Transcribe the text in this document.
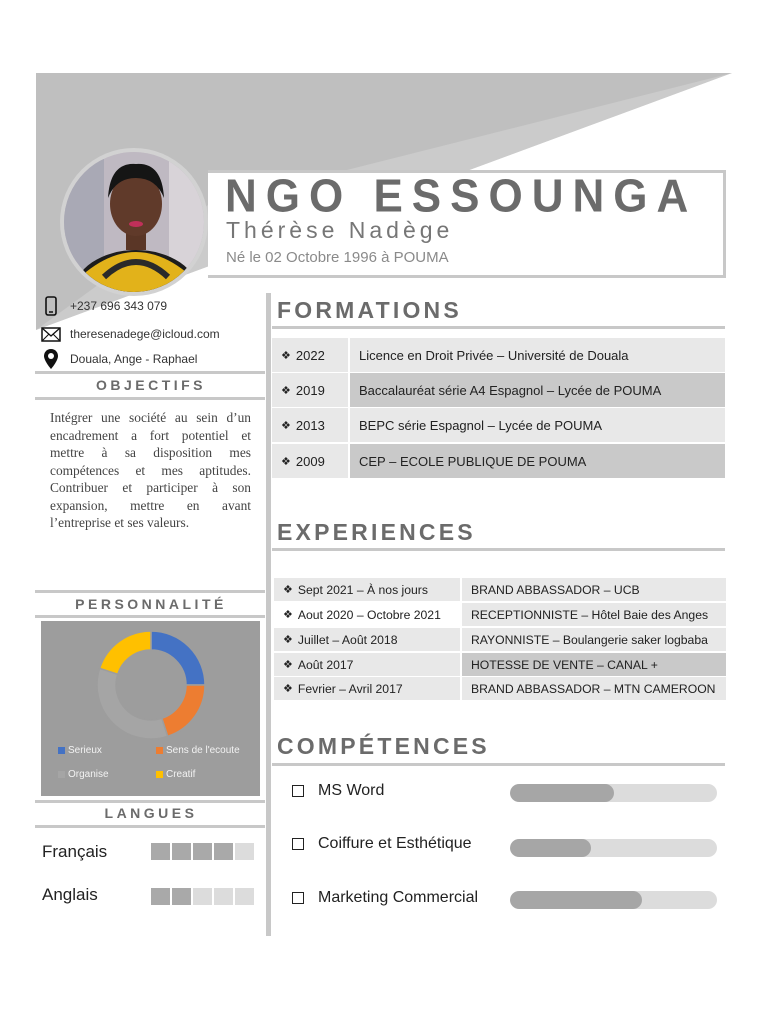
NGO ESSOUNGA
Thérèse Nadège
Né le 02 Octobre 1996 à POUMA
+237 696 343 079
theresenadege@icloud.com
Douala, Ange - Raphael
OBJECTIFS
Intégrer une société au sein d’un encadrement a fort potentiel et mettre à sa disposition mes compétences et mes aptitudes. Contribuer et participer à son expansion, mettre en avant l’entreprise et ses valeurs.
PERSONNALITÉ
Serieux	Sens de l'ecoute
Organise	Creatif
LANGUES
Français
Anglais
FORMATIONS
❖ 2022	Licence en Droit Privée – Université de Douala
❖ 2019	Baccalauréat série A4 Espagnol – Lycée de POUMA
❖ 2013	BEPC série Espagnol – Lycée de POUMA
❖ 2009	CEP – ECOLE PUBLIQUE DE POUMA
EXPERIENCES
❖ Sept 2021 – À nos jours	BRAND ABBASSADOR – UCB
❖ Aout 2020 – Octobre 2021	RECEPTIONNISTE – Hôtel Baie des Anges
❖ Juillet – Août 2018	RAYONNISTE – Boulangerie saker logbaba
❖ Août 2017	HOTESSE DE VENTE – CANAL +
❖ Fevrier – Avril 2017	BRAND ABBASSADOR – MTN CAMEROON
COMPÉTENCES
MS Word
Coiffure et Esthétique
Marketing Commercial
